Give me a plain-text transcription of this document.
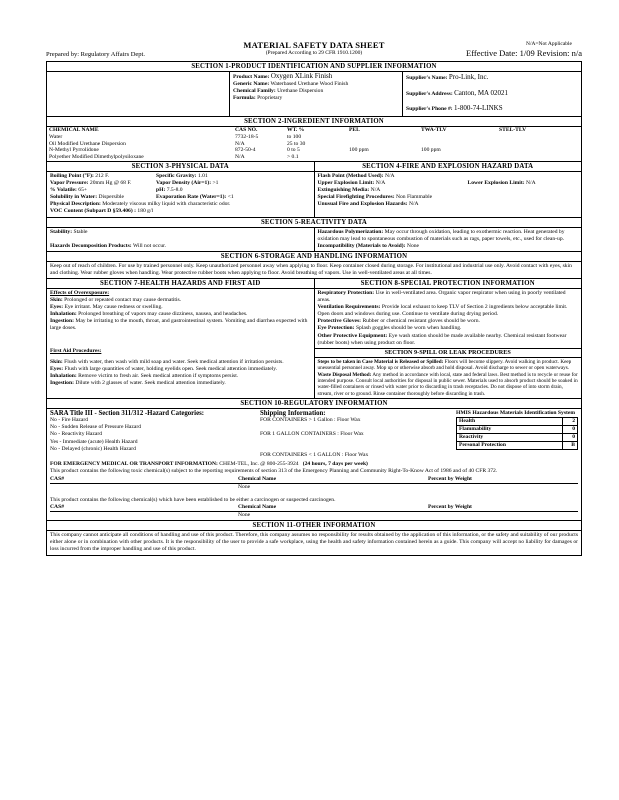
MATERIAL SAFETY DATA SHEET
(Prepared According to 29 CFR 1910.1200)
Prepared by: Regulatory Affairs Dept.
N/A=Not Applicable
Effective Date: 1/09 Revision: n/a
SECTION 1-PRODUCT IDENTIFICATION AND SUPPLIER INFORMATION
Product Name: Oxygen XLink Finish
Generic Name: Waterbased Urethane Wood Finish
Chemical Family: Urethane Dispersion
Formula: Proprietary
Supplier's Name: Pro-Link, Inc.
Supplier's Address: Canton, MA 02021
Supplier's Phone #: 1-800-74-LINKS
SECTION 2-INGREDIENT INFORMATION
CHEMICAL NAME	CAS NO.	WT. %	PEL	TWA-TLV	STEL-TLV
Water	7732-18-5	to 100			
Oil Modified Urethane Dispersion	N/A	25 to 30			
N-Methyl Pyrrolidone	872-50-4	0 to 5	100 ppm	100 ppm	
Polyether Modified Dimethylpolysiloxane	N/A	> 0.1			
SECTION 3-PHYSICAL DATA
Boiling Point (°F): 212 F.	Specific Gravity: 1.01
Vapor Pressure: 20mm Hg @ 68 F.	Vapor Density (Air=1): >1
% Volatile: 65+	pH: 7.5-8.0
Solubility in Water: Dispersible	Evaporation Rate (Water=1): <1
Physical Description: Moderately viscous milky liquid with characteristic odor.
VOC Content (Subpart D §59.406) : 180 g/l
SECTION 4-FIRE AND EXPLOSION HAZARD DATA
Flash Point (Method Used): N/A
Upper Explosion Limit: N/A	Lower Explosion Limit: N/A
Extinguishing Media: N/A
Special Firefighting Procedures: Non Flammable
Unusual Fire and Explosion Hazards: N/A
SECTION 5-REACTIVITY DATA
Stability: Stable
Hazards Decomposition Products: Will not occur.
Hazardous Polymerization: May occur through oxidation, leading to exothermic reaction. Heat generated by oxidation may lead to spontaneous combustion of materials such as rags, paper towels, etc., used for clean-up.
Incompatibility (Materials to Avoid): None
SECTION 6-STORAGE AND HANDLING INFORMATION
Keep out of reach of children. For use by trained personnel only. Keep unauthorized personnel away when applying to floor. Keep container closed during storage. For institutional and industrial use only. Avoid contact with eyes, skin and clothing. Wear rubber gloves when handling. Wear protective rubber boots when applying to floor. Avoid breathing of vapors. Use in well-ventilated areas at all times.
SECTION 7-HEALTH HAZARDS AND FIRST AID
Effects of Overexposure:
Skin: Prolonged or repeated contact may cause dermatitis.
Eyes: Eye irritant. May cause redness or swelling.
Inhalation: Prolonged breathing of vapors may cause dizziness, nausea, and headaches.
Ingestion: May be irritating to the mouth, throat, and gastrointestinal system. Vomiting and diarrhea expected with large doses.
First Aid Procedures:
Skin: Flush with water, then wash with mild soap and water. Seek medical attention if irritation persists.
Eyes: Flush with large quantities of water, holding eyelids open. Seek medical attention immediately.
Inhalation: Remove victim to fresh air. Seek medical attention if symptoms persist.
Ingestion: Dilute with 2 glasses of water. Seek medical attention immediately.
SECTION 8-SPECIAL PROTECTION INFORMATION
Respiratory Protection: Use in well-ventilated area. Organic vapor respirator when using in poorly ventilated areas.
Ventilation Requirements: Provide local exhaust to keep TLV of Section 2 ingredients below acceptable limit. Open doors and windows during use. Continue to ventilate during drying period.
Protective Gloves: Rubber or chemical resistant gloves should be worn.
Eye Protection: Splash goggles should be worn when handling.
Other Protective Equipment: Eye wash station should be made available nearby. Chemical resistant footwear (rubber boots) when using product on floor.
SECTION 9-SPILL OR LEAK PROCEDURES
Steps to be taken in Case Material is Released or Spilled: Floors will become slippery. Avoid walking in product. Keep unessential personnel away. Mop up or otherwise absorb and hold disposal. Avoid discharge to sewer or open waterways.
Waste Disposal Method: Any method in accordance with local, state and federal laws. Best method is to recycle or reuse for intended purpose. Consult local authorities for disposal in public sewer. Materials used to absorb product should be soaked in water-filled containers or rinsed with water prior to discarding in trash receptacles. Do not dispose of into storm drain, stream, river or to ground. Rinse container thoroughly before discarding in trash.
SECTION 10-REGULATORY INFORMATION
SARA Title III - Section 311/312 -Hazard Categories:
No - Fire Hazard
No - Sudden Release of Pressure Hazard
No - Reactivity Hazard
Yes - Immediate (acute) Health Hazard
No - Delayed (chronic) Health Hazard
Shipping Information:
FOR CONTAINERS > 1 Gallon : Floor Wax
FOR 1 GALLON CONTAINERS : Floor Wax
FOR CONTAINERS < 1 GALLON : Floor Wax
HMIS Hazardous Materials Identification System
Health	2
Flammability	0
Reactivity	0
Personal Protection	B
FOR EMERGENCY MEDICAL OR TRANSPORT INFORMATION: CHEM-TEL, Inc. @ 800-255-3924 (24 hours, 7 days per week)
This product contains the following toxic chemical(s) subject to the reporting requirements of section 313 of the Emergency Planning and Community Right-To-Know Act of 1986 and of 40 CFR 372.
CAS#	Chemical Name	Percent by Weight
None
This product contains the following chemical(s) which have been established to be either a carcinogen or suspected carcinogen.
CAS#	Chemical Name	Percent by Weight
None
SECTION 11-OTHER INFORMATION
This company cannot anticipate all conditions of handling and use of this product. Therefore, this company assumes no responsibility for results obtained by the application of this information, or the safety and suitability of our products either alone or in combination with other products. It is the responsibility of the user to provide a safe workplace, using the health and safety information contained herein as a guide. This company will accept no liability for damages or loss incurred from the improper handling and use of this product.
